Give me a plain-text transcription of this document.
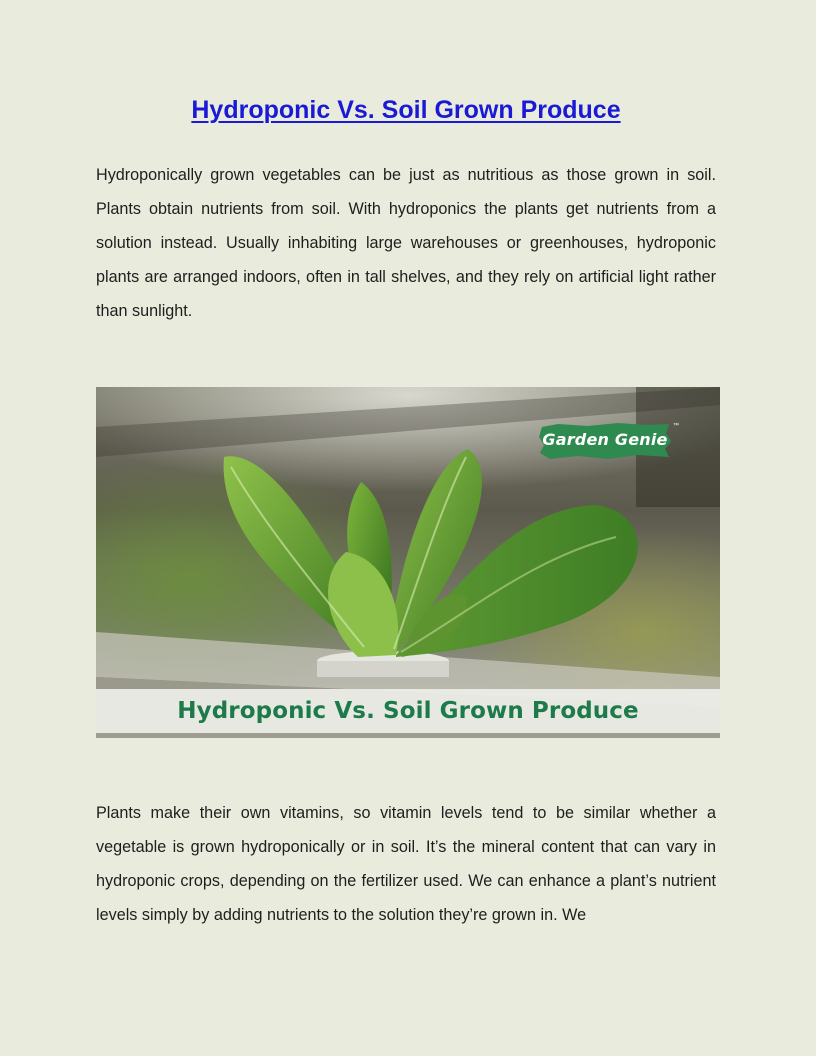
Hydroponic Vs. Soil Grown Produce

Hydroponically grown vegetables can be just as nutritious as those grown in soil. Plants obtain nutrients from soil. With hydroponics the plants get nutrients from a solution instead. Usually inhabiting large warehouses or greenhouses, hydroponic plants are arranged indoors, often in tall shelves, and they rely on artificial light rather than sunlight.

Garden Genie
™
Hydroponic Vs. Soil Grown Produce

Plants make their own vitamins, so vitamin levels tend to be similar whether a vegetable is grown hydroponically or in soil. It’s the mineral content that can vary in hydroponic crops, depending on the fertilizer used. We can enhance a plant’s nutrient levels simply by adding nutrients to the solution they’re grown in. We
